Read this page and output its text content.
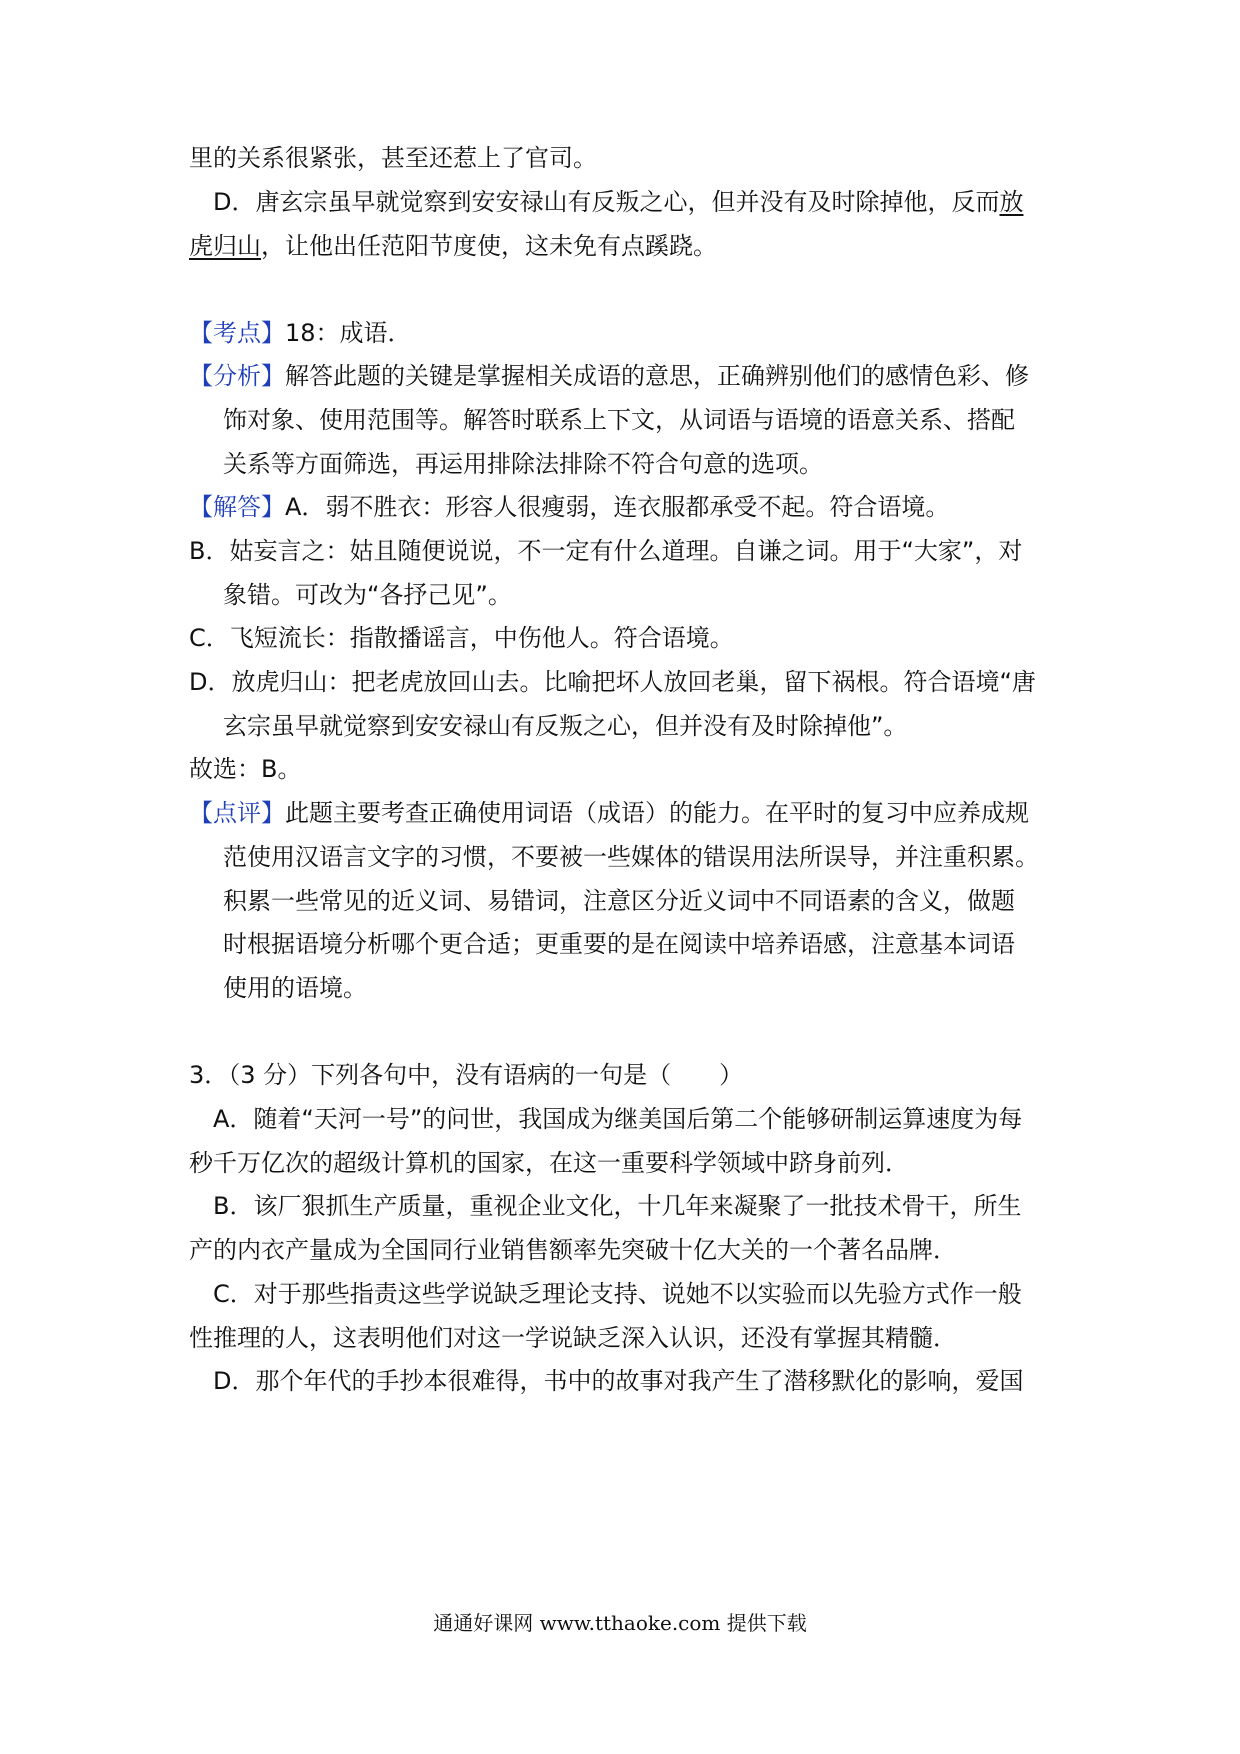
里的关系很紧张，甚至还惹上了官司。
D．唐玄宗虽早就觉察到安安禄山有反叛之心，但并没有及时除掉他，反而放
虎归山，让他出任范阳节度使，这未免有点蹊跷。
【考点】18：成语．
【分析】解答此题的关键是掌握相关成语的意思，正确辨别他们的感情色彩、修
饰对象、使用范围等。解答时联系上下文，从词语与语境的语意关系、搭配
关系等方面筛选，再运用排除法排除不符合句意的选项。
【解答】A．弱不胜衣：形容人很瘦弱，连衣服都承受不起。符合语境。
B．姑妄言之：姑且随便说说，不一定有什么道理。自谦之词。用于“大家”，对
象错。可改为“各抒己见”。
C．飞短流长：指散播谣言，中伤他人。符合语境。
D．放虎归山：把老虎放回山去。比喻把坏人放回老巢，留下祸根。符合语境“唐
玄宗虽早就觉察到安安禄山有反叛之心，但并没有及时除掉他”。
故选：B。
【点评】此题主要考查正确使用词语（成语）的能力。在平时的复习中应养成规
范使用汉语言文字的习惯，不要被一些媒体的错误用法所误导，并注重积累。
积累一些常见的近义词、易错词，注意区分近义词中不同语素的含义，做题
时根据语境分析哪个更合适；更重要的是在阅读中培养语感，注意基本词语
使用的语境。
3．（3 分）下列各句中，没有语病的一句是（　　）
A．随着“天河一号”的问世，我国成为继美国后第二个能够研制运算速度为每
秒千万亿次的超级计算机的国家，在这一重要科学领域中跻身前列．
B．该厂狠抓生产质量，重视企业文化，十几年来凝聚了一批技术骨干，所生
产的内衣产量成为全国同行业销售额率先突破十亿大关的一个著名品牌．
C．对于那些指责这些学说缺乏理论支持、说她不以实验而以先验方式作一般
性推理的人，这表明他们对这一学说缺乏深入认识，还没有掌握其精髓．
D．那个年代的手抄本很难得，书中的故事对我产生了潜移默化的影响，爱国
通通好课网 www.tthaoke.com 提供下载
